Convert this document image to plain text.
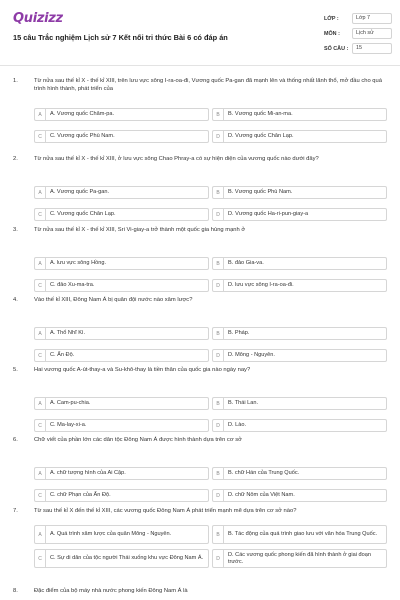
Quizizz
15 câu Trắc nghiệm Lịch sử 7 Kết nối tri thức Bài 6 có đáp án
LỚP :	Lớp 7
MÔN :	Lịch sử
SỐ CÂU :	15
1.	Từ nửa sau thế kỉ X - thế kỉ XIII, trên lưu vực sông I-ra-oa-đi, Vương quốc Pa-gan đã mạnh lên và thống nhất lãnh thổ, mở đầu cho quá trình hình thành, phát triển của
A	A. Vương quốc Chăm-pa.	B	B. Vương quốc Mi-an-ma.
C	C. Vương quốc Phù Nam.	D	D. Vương quốc Chân Lạp.
2.	Từ nửa sau thế kỉ X - thế kỉ XIII, ở lưu vực sông Chao Phray-a có sự hiện diện của vương quốc nào dưới đây?
A	A. Vương quốc Pa-gan.	B	B. Vương quốc Phù Nam.
C	C. Vương quốc Chân Lạp.	D	D. Vương quốc Ha-ri-pun-giay-a
3.	Từ nửa sau thế kỉ X - thế kỉ XIII, Sri Vi-giay-a trở thành một quốc gia hùng mạnh ở
A	A. lưu vực sông Hồng.	B	B. đảo Gia-va.
C	C. đảo Xu-ma-tra.	D	D. lưu vực sông I-ra-oa-đi.
4.	Vào thế kỉ XIII, Đông Nam Á bị quân đội nước nào xâm lược?
A	A. Thổ Nhĩ Kì.	B	B. Pháp.
C	C. Ấn Độ.	D	D. Mông - Nguyên.
5.	Hai vương quốc A-út-thay-a và Su-khô-thay là tiền thân của quốc gia nào ngày nay?
A	A. Cam-pu-chia.	B	B. Thái Lan.
C	C. Ma-lay-xi-a.	D	D. Lào.
6.	Chữ viết của phần lớn các dân tộc Đông Nam Á được hình thành dựa trên cơ sở
A	A. chữ tượng hình của Ai Cập.	B	B. chữ Hán của Trung Quốc.
C	C. chữ Phạn của Ấn Độ.	D	D. chữ Nôm của Việt Nam.
7.	Từ sau thế kỉ X đến thế kỉ XIII, các vương quốc Đông Nam Á phát triển mạnh mẽ dựa trên cơ sở nào?
A	A. Quá trình xâm lược của quân Mông - Nguyên.	B	B. Tác động của quá trình giao lưu với văn hóa Trung Quốc.
C	C. Sự di dân của tộc người Thái xuống khu vực Đông Nam Á.	D
D. Các vương quốc phong kiến đã hình thành ở giai đoạn trước.
8.	Đặc điểm của bộ máy nhà nước phong kiến Đông Nam Á là
